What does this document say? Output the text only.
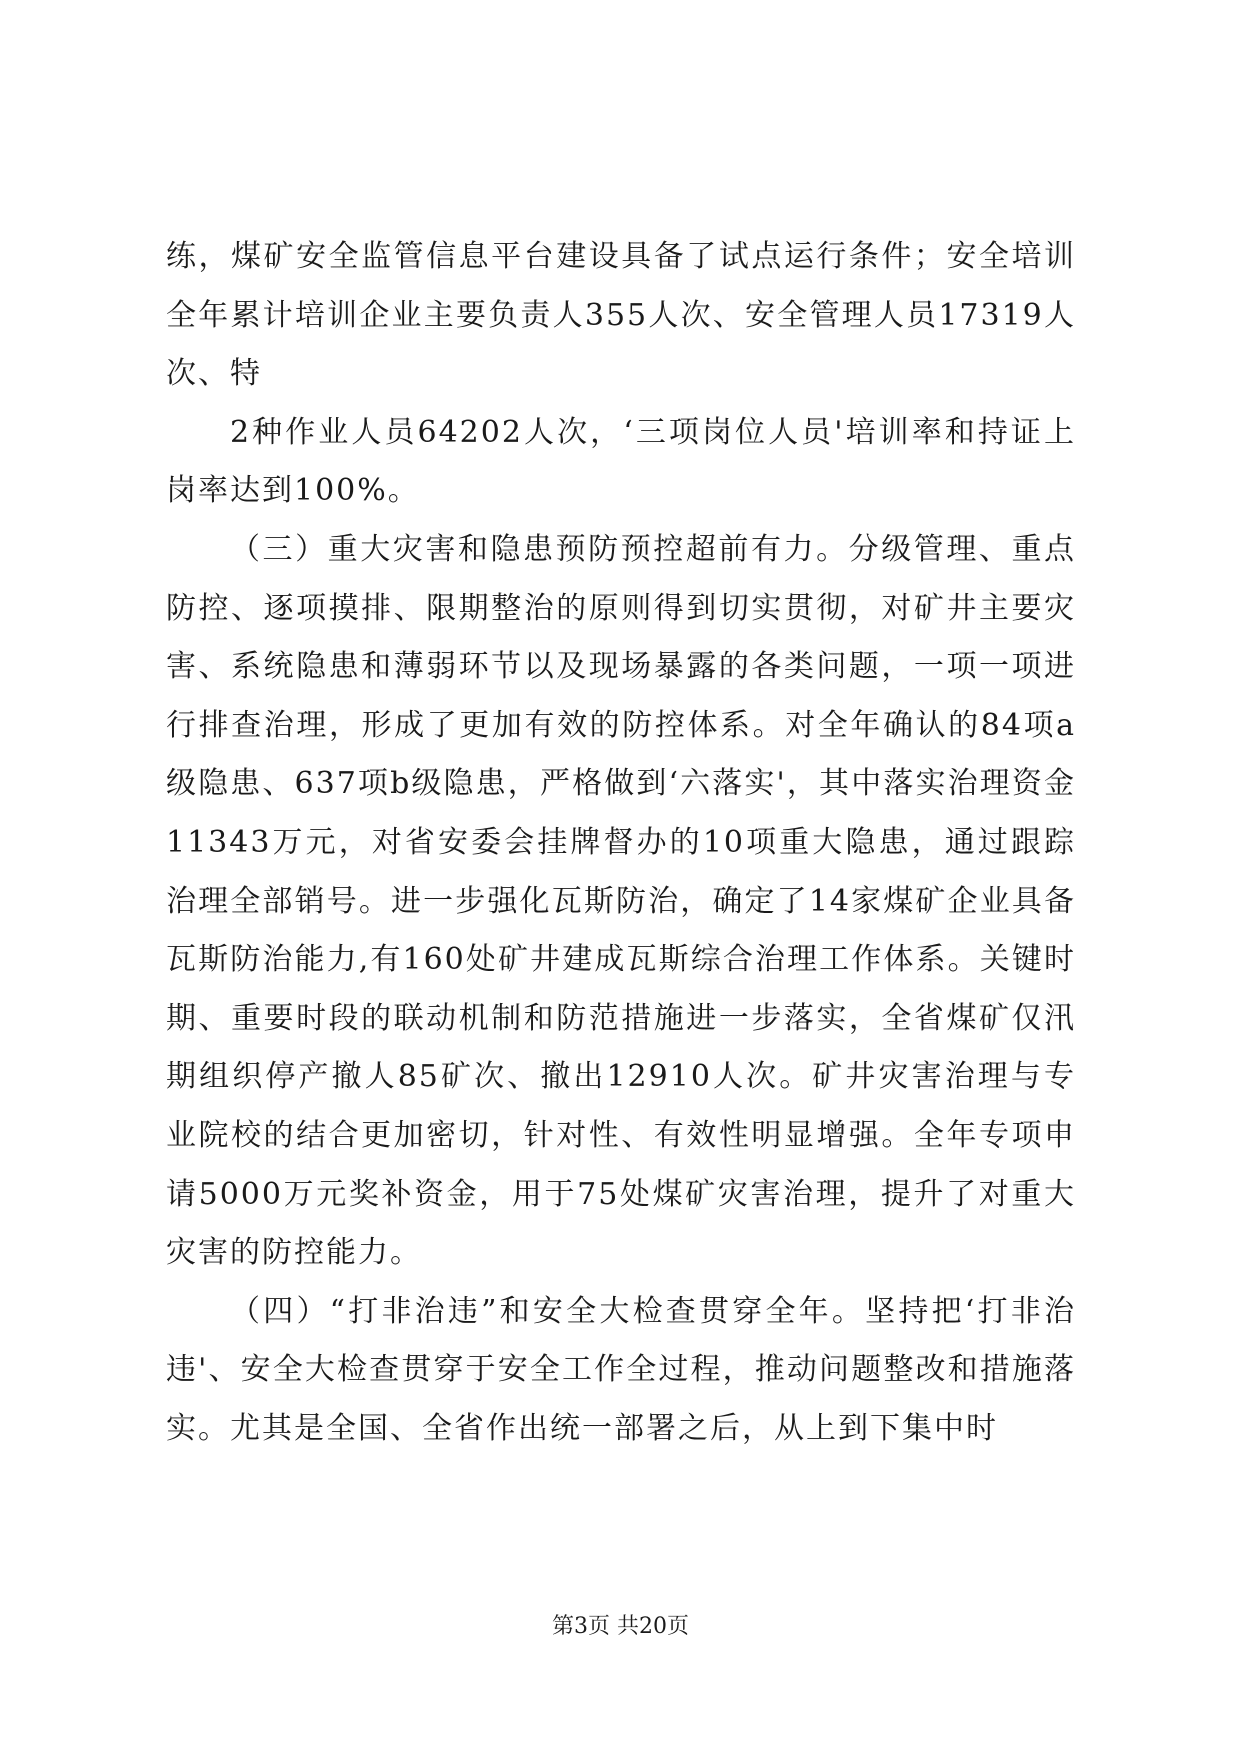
练，煤矿安全监管信息平台建设具备了试点运行条件；安全培训全年累计培训企业主要负责人355人次、安全管理人员17319人次、特

2种作业人员64202人次，‘三项岗位人员'培训率和持证上岗率达到100%。

（三）重大灾害和隐患预防预控超前有力。分级管理、重点防控、逐项摸排、限期整治的原则得到切实贯彻，对矿井主要灾害、系统隐患和薄弱环节以及现场暴露的各类问题，一项一项进行排查治理，形成了更加有效的防控体系。对全年确认的84项a级隐患、637项b级隐患，严格做到‘六落实'，其中落实治理资金11343万元，对省安委会挂牌督办的10项重大隐患，通过跟踪治理全部销号。进一步强化瓦斯防治，确定了14家煤矿企业具备瓦斯防治能力,有160处矿井建成瓦斯综合治理工作体系。关键时期、重要时段的联动机制和防范措施进一步落实，全省煤矿仅汛期组织停产撤人85矿次、撤出12910人次。矿井灾害治理与专业院校的结合更加密切，针对性、有效性明显增强。全年专项申请5000万元奖补资金，用于75处煤矿灾害治理，提升了对重大灾害的防控能力。

（四）“打非治违”和安全大检查贯穿全年。坚持把‘打非治违'、安全大检查贯穿于安全工作全过程，推动问题整改和措施落实。尤其是全国、全省作出统一部署之后，从上到下集中时

第3页 共20页
